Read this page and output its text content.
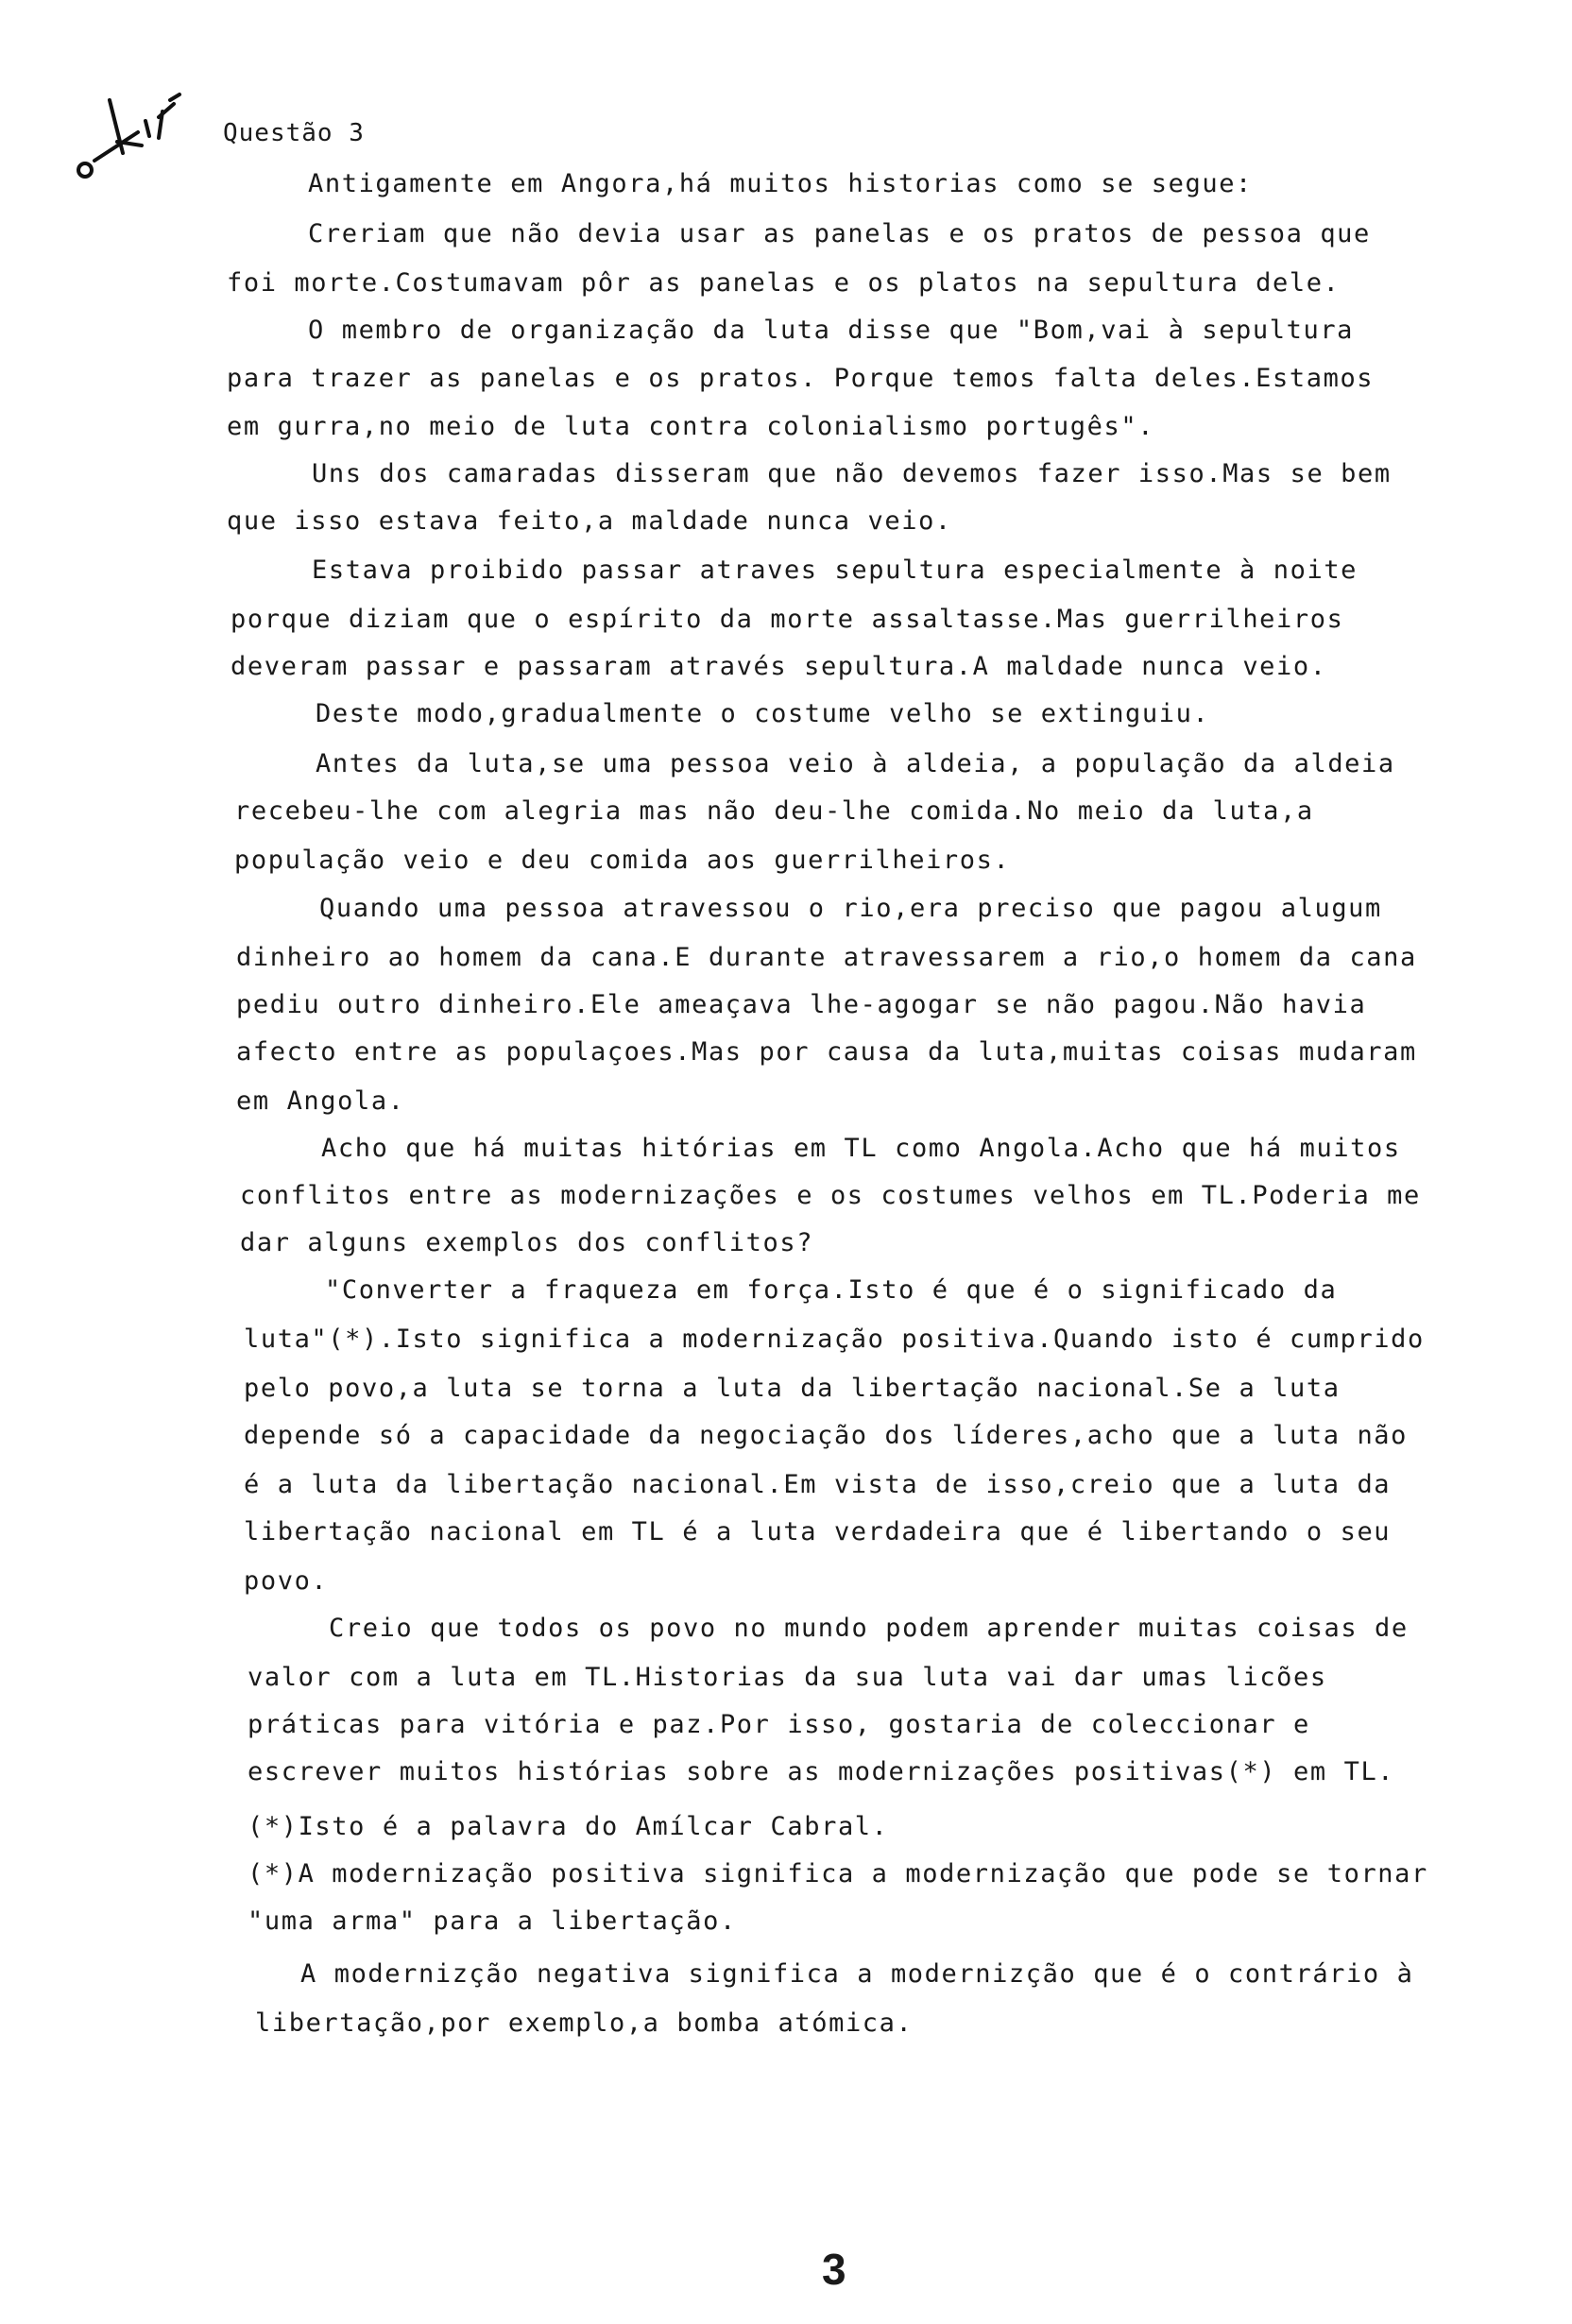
Questão 3
Antigamente em Angora,há muitos historias como se segue:
Creriam que não devia usar as panelas e os pratos de pessoa que
foi morte.Costumavam pôr as panelas e os platos na sepultura dele.
O membro de organização da luta disse que "Bom,vai à sepultura
para trazer as panelas e os pratos. Porque temos falta deles.Estamos
em gurra,no meio de luta contra colonialismo portugês".
Uns dos camaradas disseram que não devemos fazer isso.Mas se bem
que isso estava feito,a maldade nunca veio.
Estava proibido passar atraves sepultura especialmente à noite
porque diziam que o espírito da morte assaltasse.Mas guerrilheiros
deveram passar e passaram através sepultura.A maldade nunca veio.
Deste modo,gradualmente o costume velho se extinguiu.
Antes da luta,se uma pessoa veio à aldeia, a população da aldeia
recebeu-lhe com alegria mas não deu-lhe comida.No meio da luta,a
população veio e deu comida aos guerrilheiros.
Quando uma pessoa atravessou o rio,era preciso que pagou alugum
dinheiro ao homem da cana.E durante atravessarem a rio,o homem da cana
pediu outro dinheiro.Ele ameaçava lhe-agogar se não pagou.Não havia
afecto entre as populaçoes.Mas por causa da luta,muitas coisas mudaram
em Angola.
Acho que há muitas hitórias em TL como Angola.Acho que há muitos
conflitos entre as modernizações e os costumes velhos em TL.Poderia me
dar alguns exemplos dos conflitos?
"Converter a fraqueza em força.Isto é que é o significado da
luta"(*).Isto significa a modernização positiva.Quando isto é cumprido
pelo povo,a luta se torna a luta da libertação nacional.Se a luta
depende só a capacidade da negociação dos líderes,acho que a luta não
é a luta da libertação nacional.Em vista de isso,creio que a luta da
libertação nacional em TL é a luta verdadeira que é libertando o seu
povo.
Creio que todos os povo no mundo podem aprender muitas coisas de
valor com a luta em TL.Historias da sua luta vai dar umas licões
práticas para vitória e paz.Por isso, gostaria de coleccionar e
escrever muitos histórias sobre as modernizações positivas(*) em TL.
(*)Isto é a palavra do Amílcar Cabral.
(*)A modernização positiva significa a modernização que pode se tornar
"uma arma" para a libertação.
A modernizção negativa significa a modernizção que é o contrário à
libertação,por exemplo,a bomba atómica.
3
